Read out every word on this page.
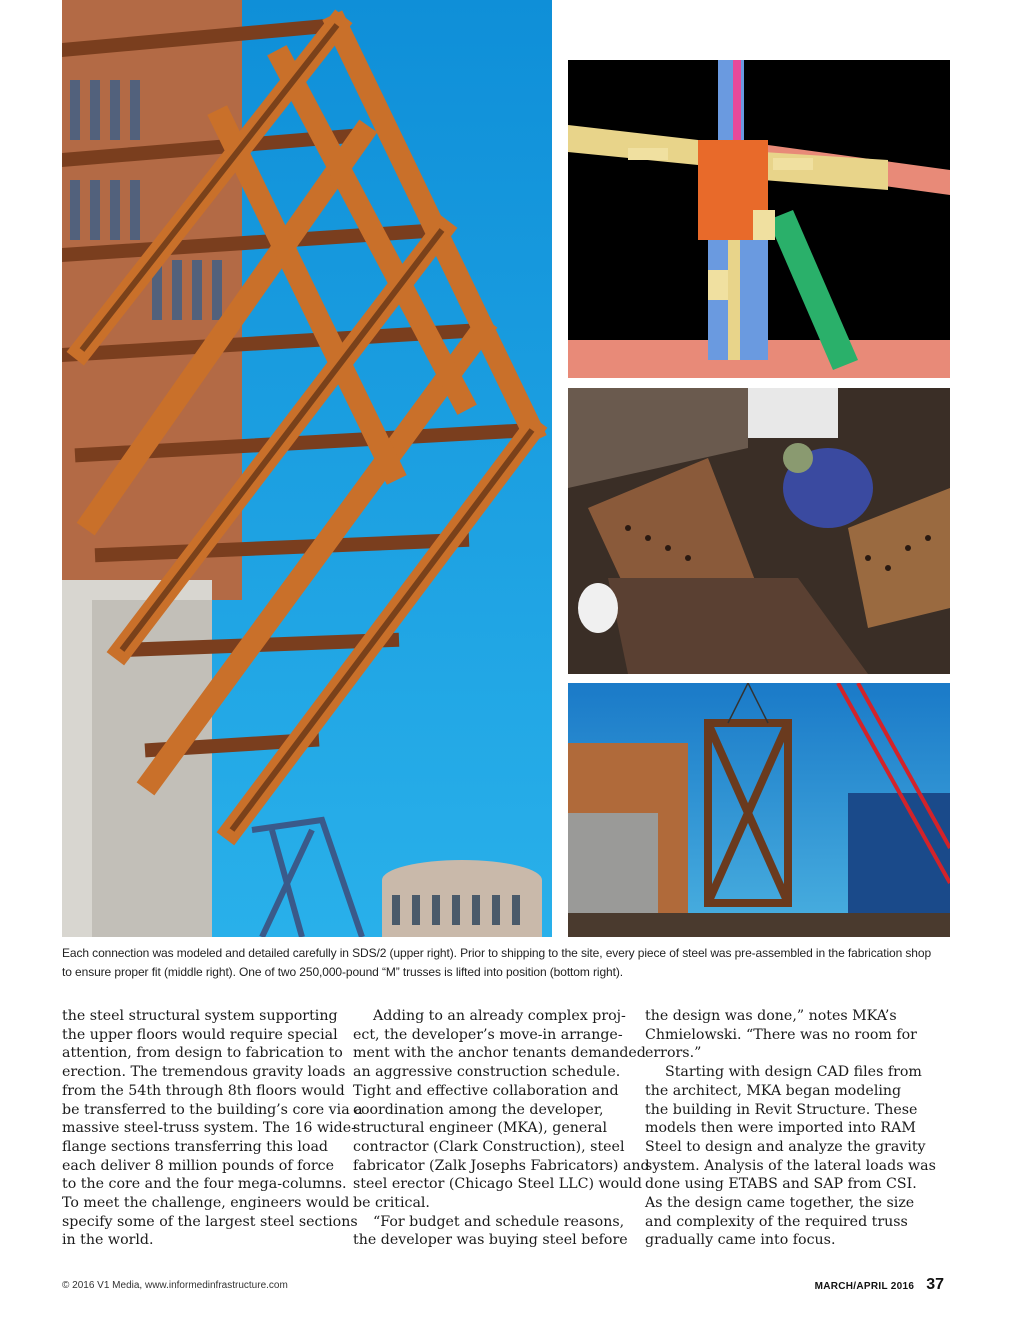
Each connection was modeled and detailed carefully in SDS/2 (upper right). Prior to shipping to the site, every piece of steel was pre-assembled in the fabrication shop

to ensure proper fit (middle right). One of two 250,000-pound “M” trusses is lifted into position (bottom right).

the steel structural system supporting

the upper floors would require special

attention, from design to fabrication to

erection. The tremendous gravity loads

from the 54th through 8th floors would

be transferred to the building’s core via a

massive steel-truss system. The 16 wide-

flange sections transferring this load

each deliver 8 million pounds of force

to the core and the four mega-columns.

To meet the challenge, engineers would

specify some of the largest steel sections

in the world.

Adding to an already complex proj-

ect, the developer’s move-in arrange-

ment with the anchor tenants demanded

an aggressive construction schedule.

Tight and effective collaboration and

coordination among the developer,

structural engineer (MKA), general

contractor (Clark Construction), steel

fabricator (Zalk Josephs Fabricators) and

steel erector (Chicago Steel LLC) would

be critical.

“For budget and schedule reasons,

the developer was buying steel before

the design was done,” notes MKA’s

Chmielowski. “There was no room for

errors.”

Starting with design CAD files from

the architect, MKA began modeling

the building in Revit Structure. These

models then were imported into RAM

Steel to design and analyze the gravity

system. Analysis of the lateral loads was

done using ETABS and SAP from CSI.

As the design came together, the size

and complexity of the required truss

gradually came into focus.

© 2016 V1 Media, www.informedinfrastructure.com	MARCH/APRIL 2016 37
